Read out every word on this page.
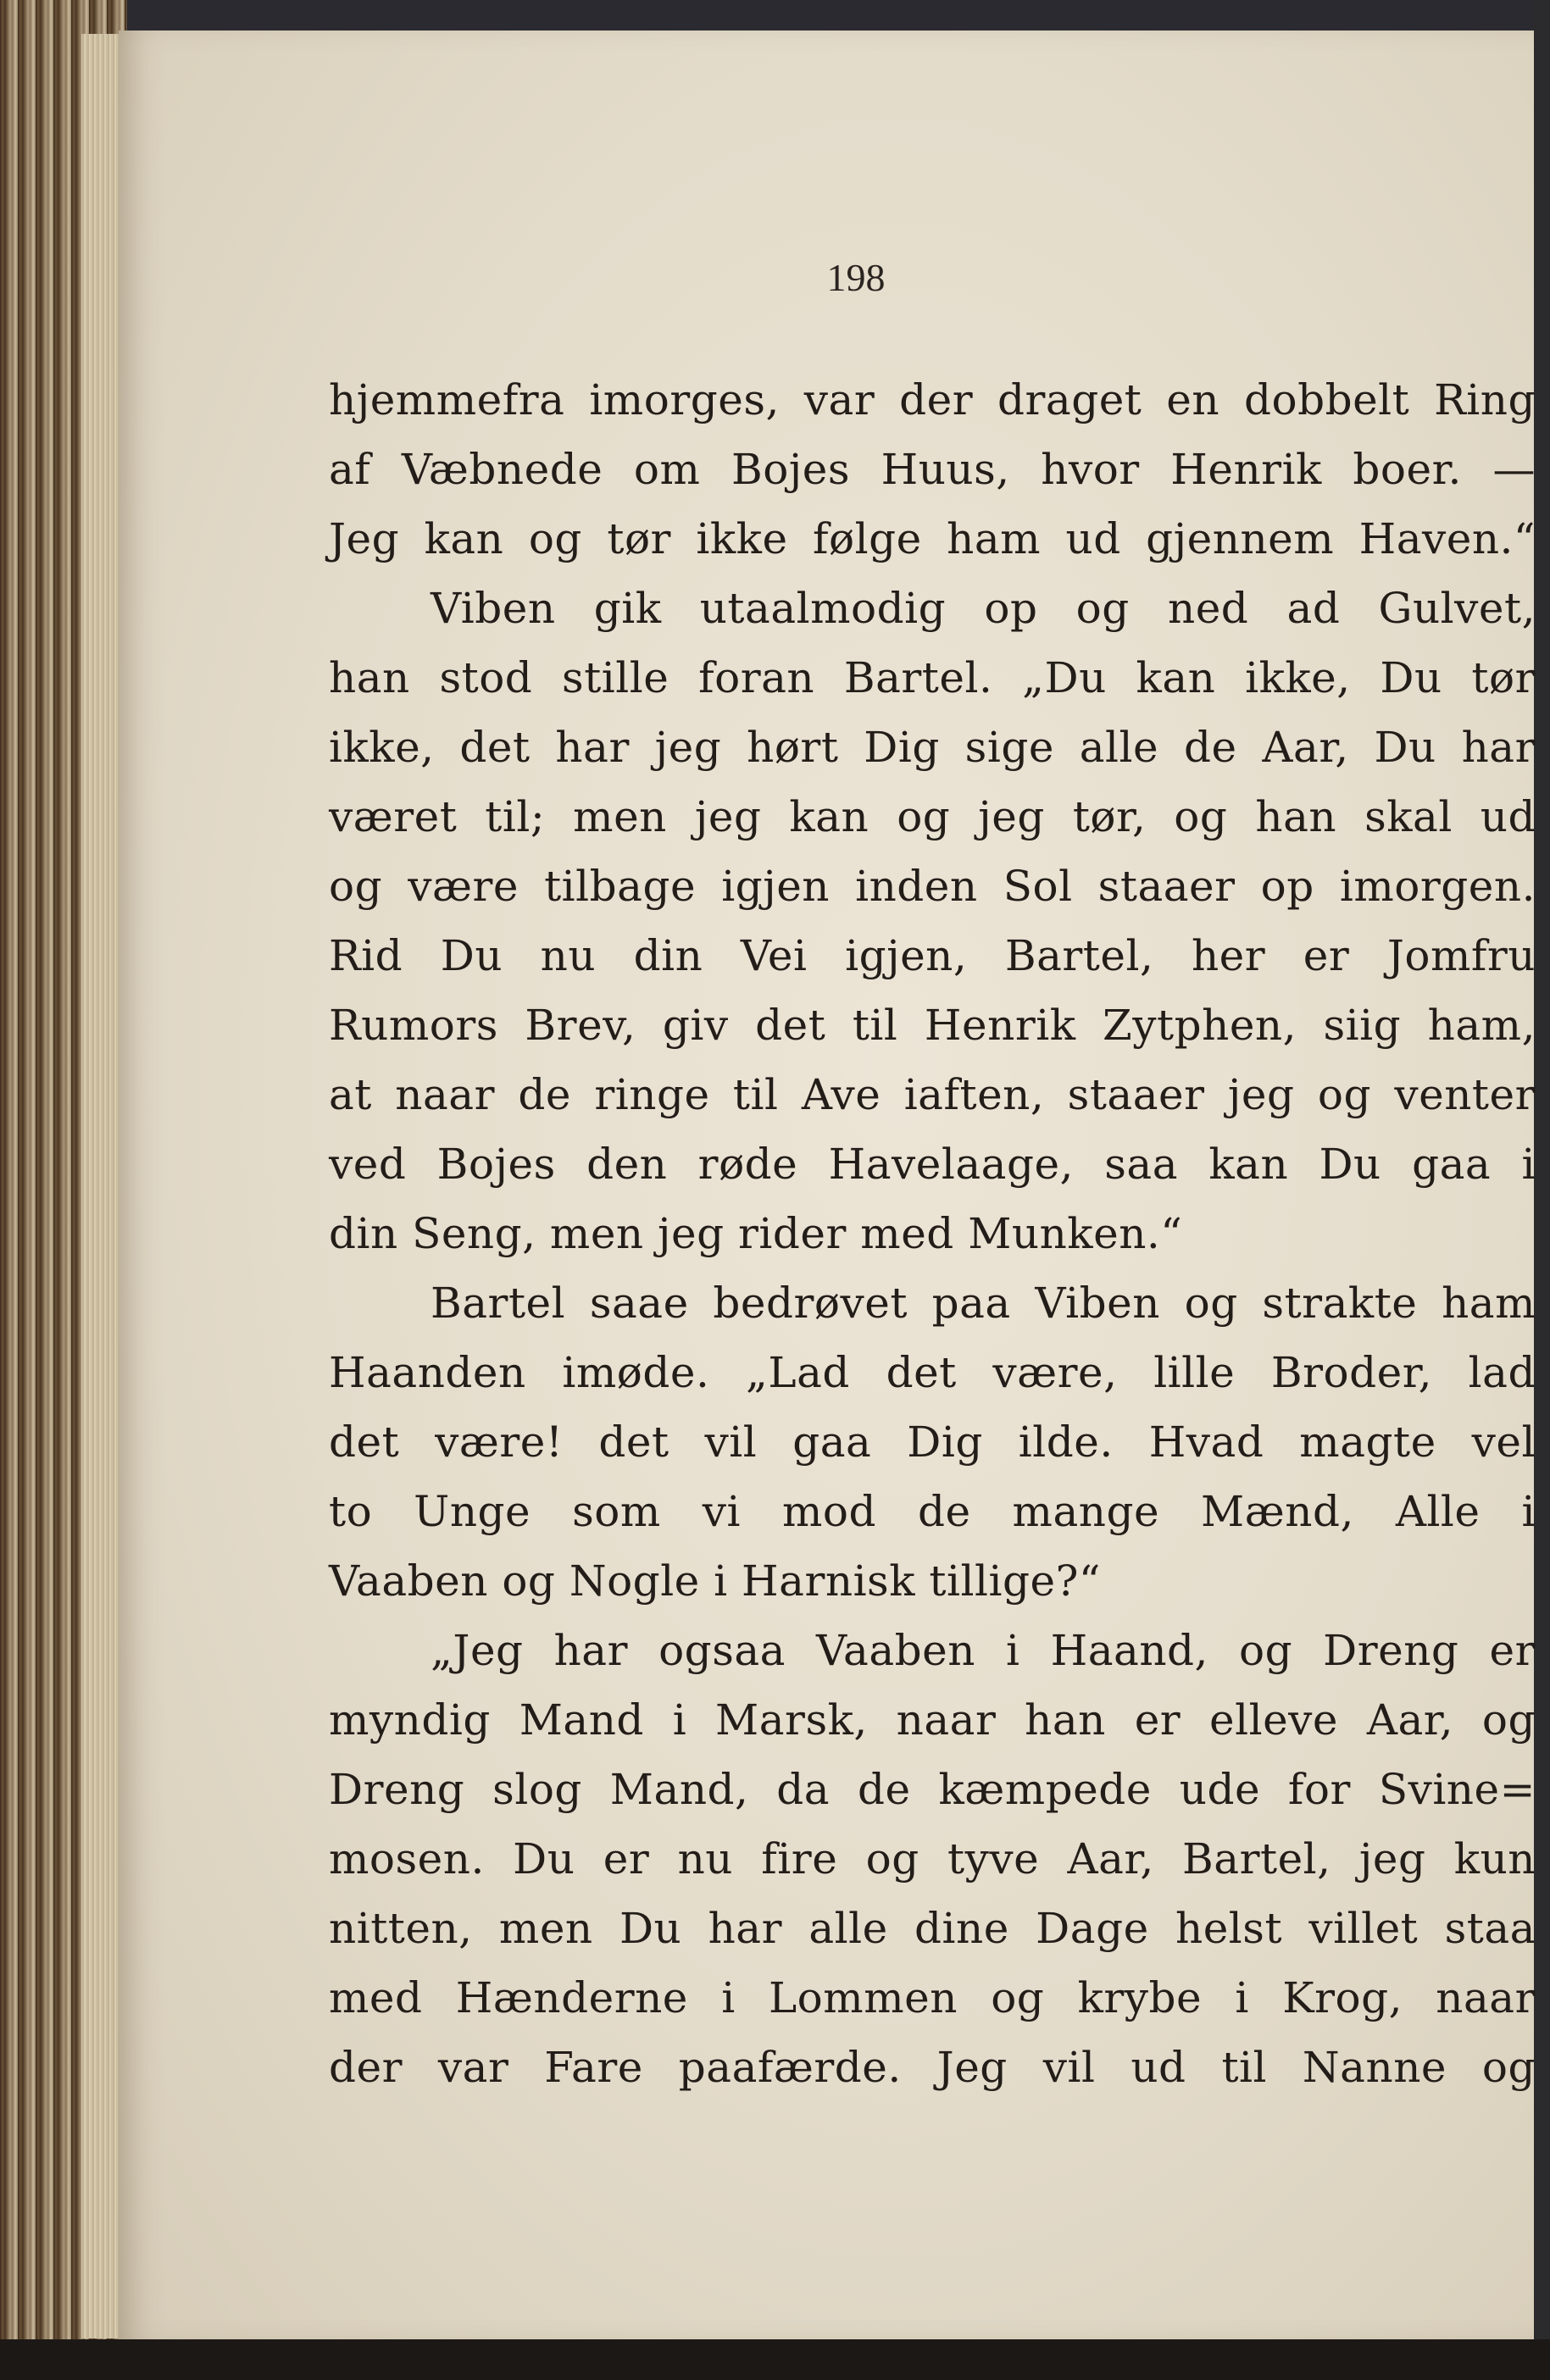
198
hjemmefra imorges, var der draget en dobbelt Ring
af Væbnede om Bojes Huus, hvor Henrik boer. —
Jeg kan og tør ikke følge ham ud gjennem Haven.“
Viben gik utaalmodig op og ned ad Gulvet,
han stod stille foran Bartel. „Du kan ikke, Du tør
ikke, det har jeg hørt Dig sige alle de Aar, Du har
været til; men jeg kan og jeg tør, og han skal ud
og være tilbage igjen inden Sol staaer op imorgen.
Rid Du nu din Vei igjen, Bartel, her er Jomfru
Rumors Brev, giv det til Henrik Zytphen, siig ham,
at naar de ringe til Ave iaften, staaer jeg og venter
ved Bojes den røde Havelaage, saa kan Du gaa i
din Seng, men jeg rider med Munken.“
Bartel saae bedrøvet paa Viben og strakte ham
Haanden imøde. „Lad det være, lille Broder, lad
det være! det vil gaa Dig ilde. Hvad magte vel
to Unge som vi mod de mange Mænd, Alle i
Vaaben og Nogle i Harnisk tillige?“
„Jeg har ogsaa Vaaben i Haand, og Dreng er
myndig Mand i Marsk, naar han er elleve Aar, og
Dreng slog Mand, da de kæmpede ude for Svine=
mosen. Du er nu fire og tyve Aar, Bartel, jeg kun
nitten, men Du har alle dine Dage helst villet staa
med Hænderne i Lommen og krybe i Krog, naar
der var Fare paafærde. Jeg vil ud til Nanne og
